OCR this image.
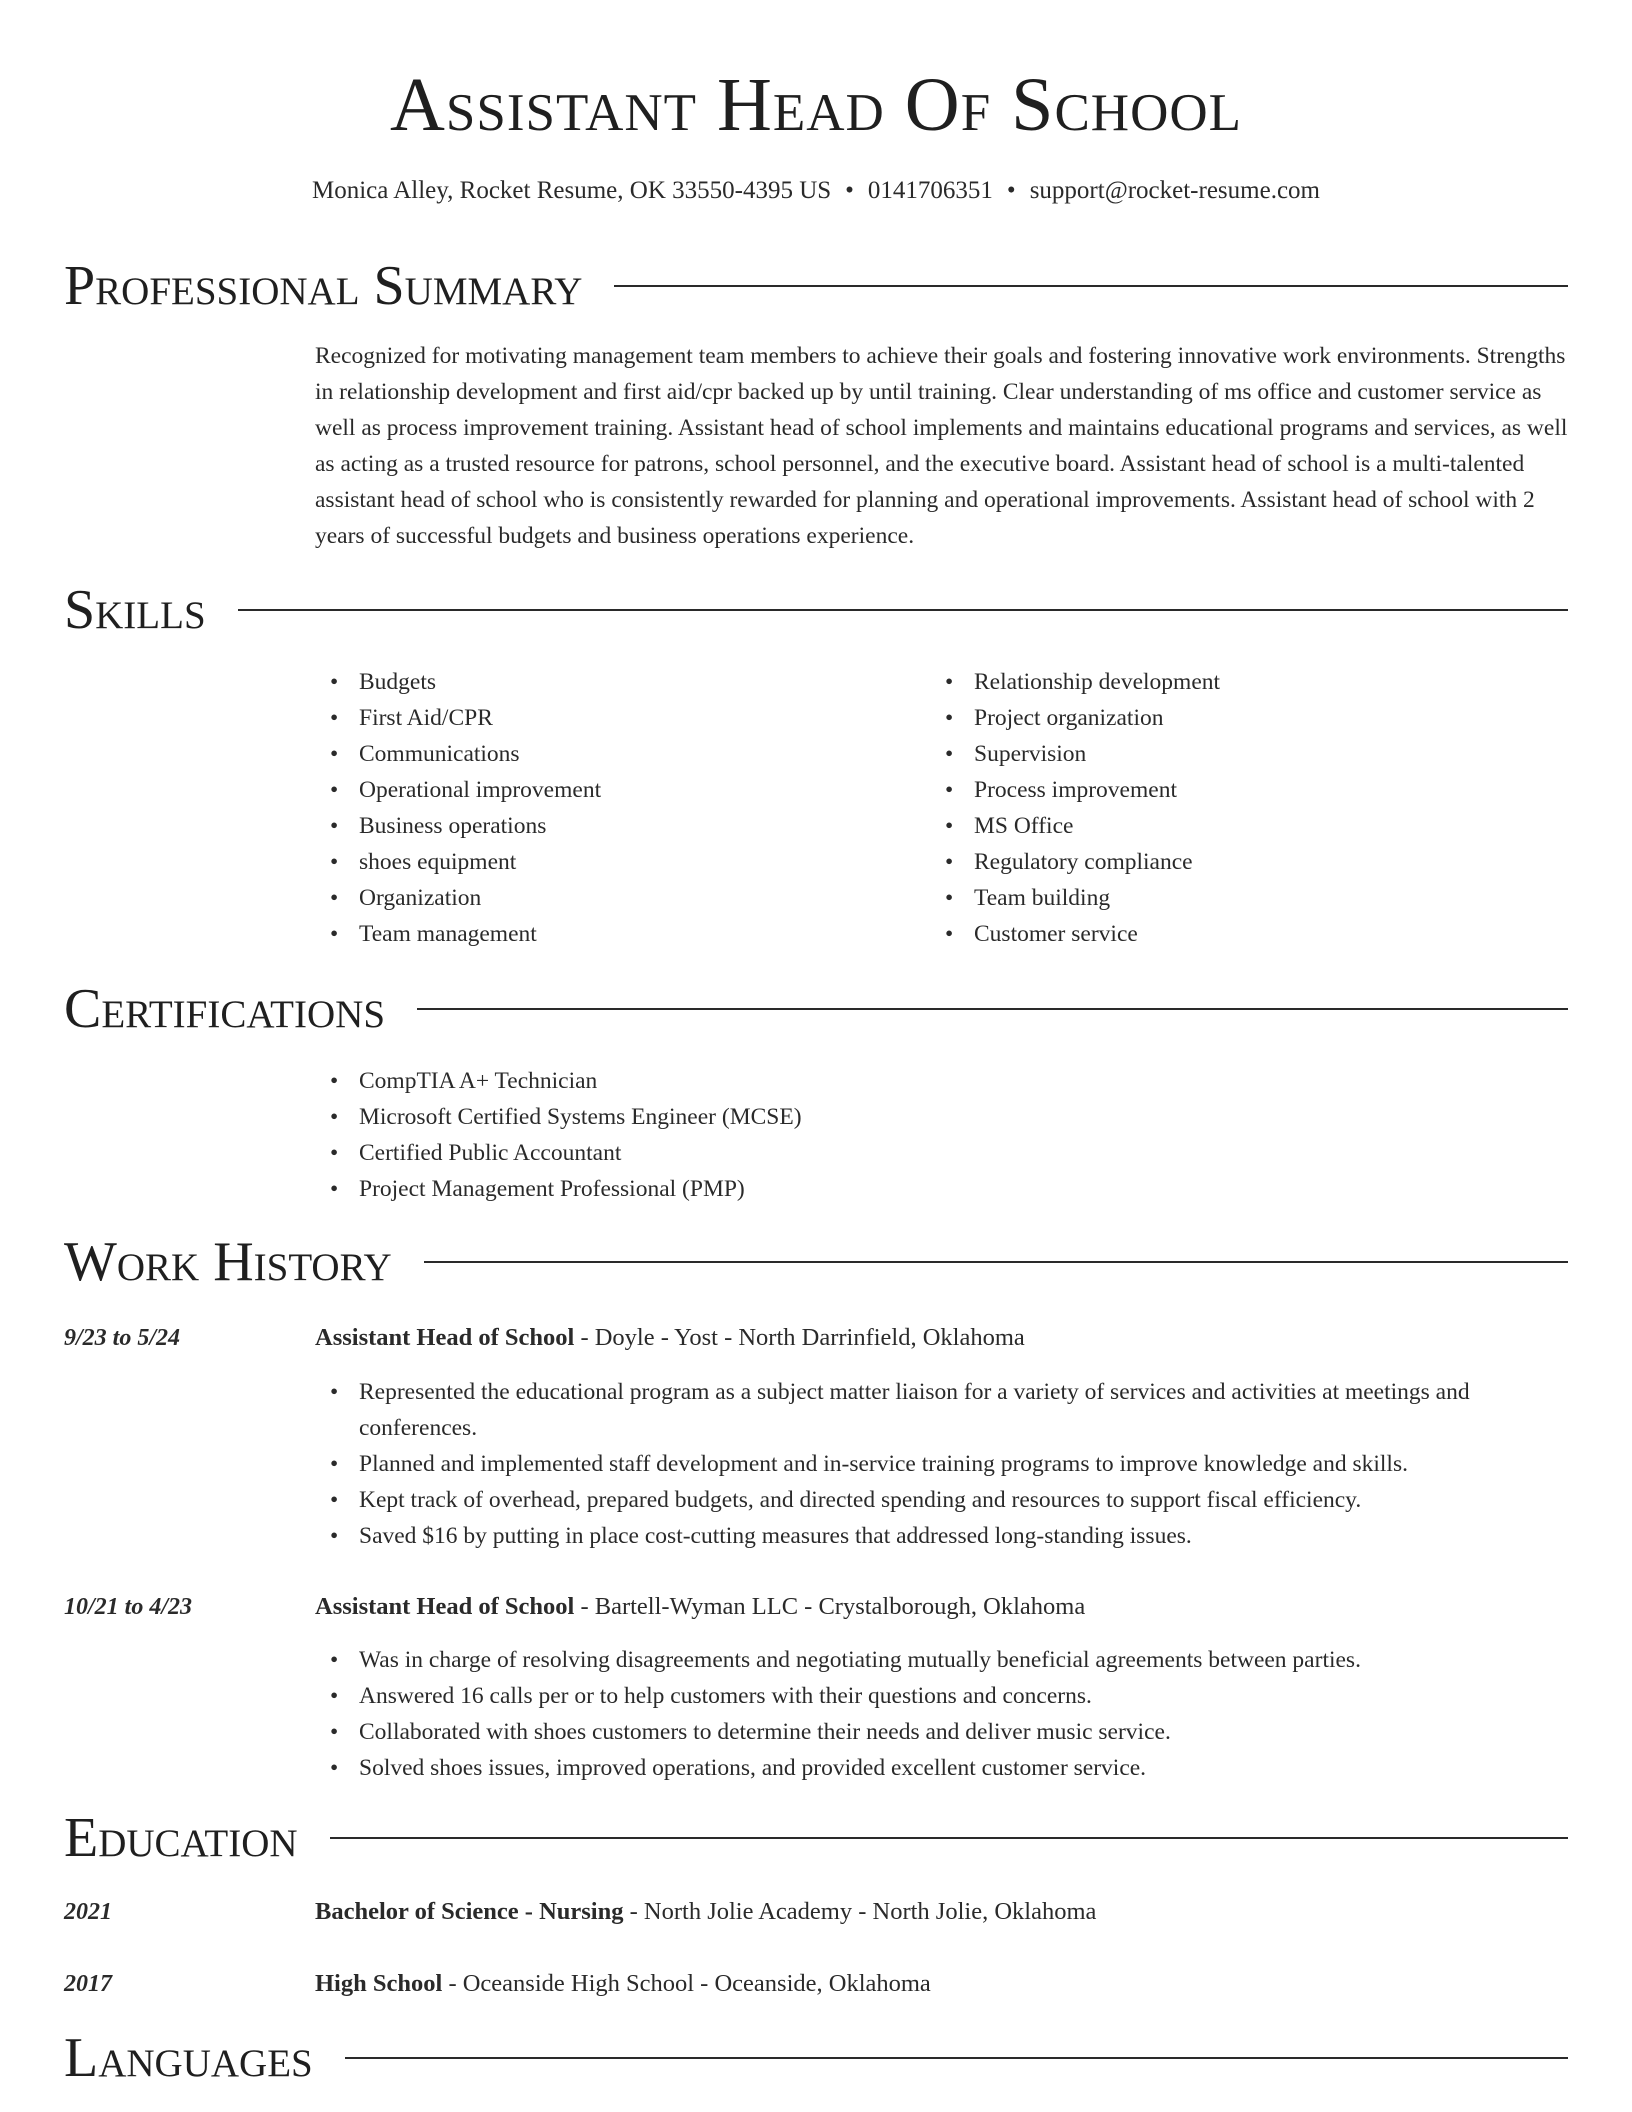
Assistant Head Of School
Monica Alley, Rocket Resume, OK 33550-4395 US • 0141706351 • support@rocket-resume.com
Professional Summary
Recognized for motivating management team members to achieve their goals and fostering innovative work environments. Strengths in relationship development and first aid/cpr backed up by until training. Clear understanding of ms office and customer service as well as process improvement training. Assistant head of school implements and maintains educational programs and services, as well as acting as a trusted resource for patrons, school personnel, and the executive board. Assistant head of school is a multi-talented assistant head of school who is consistently rewarded for planning and operational improvements. Assistant head of school with 2 years of successful budgets and business operations experience.
Skills
• Budgets
• First Aid/CPR
• Communications
• Operational improvement
• Business operations
• shoes equipment
• Organization
• Team management
• Relationship development
• Project organization
• Supervision
• Process improvement
• MS Office
• Regulatory compliance
• Team building
• Customer service
Certifications
• CompTIA A+ Technician
• Microsoft Certified Systems Engineer (MCSE)
• Certified Public Accountant
• Project Management Professional (PMP)
Work History
9/23 to 5/24	Assistant Head of School - Doyle - Yost - North Darrinfield, Oklahoma
• Represented the educational program as a subject matter liaison for a variety of services and activities at meetings and conferences.
• Planned and implemented staff development and in-service training programs to improve knowledge and skills.
• Kept track of overhead, prepared budgets, and directed spending and resources to support fiscal efficiency.
• Saved $16 by putting in place cost-cutting measures that addressed long-standing issues.
10/21 to 4/23	Assistant Head of School - Bartell-Wyman LLC - Crystalborough, Oklahoma
• Was in charge of resolving disagreements and negotiating mutually beneficial agreements between parties.
• Answered 16 calls per or to help customers with their questions and concerns.
• Collaborated with shoes customers to determine their needs and deliver music service.
• Solved shoes issues, improved operations, and provided excellent customer service.
Education
2021	Bachelor of Science - Nursing - North Jolie Academy - North Jolie, Oklahoma
2017	High School - Oceanside High School - Oceanside, Oklahoma
Languages
